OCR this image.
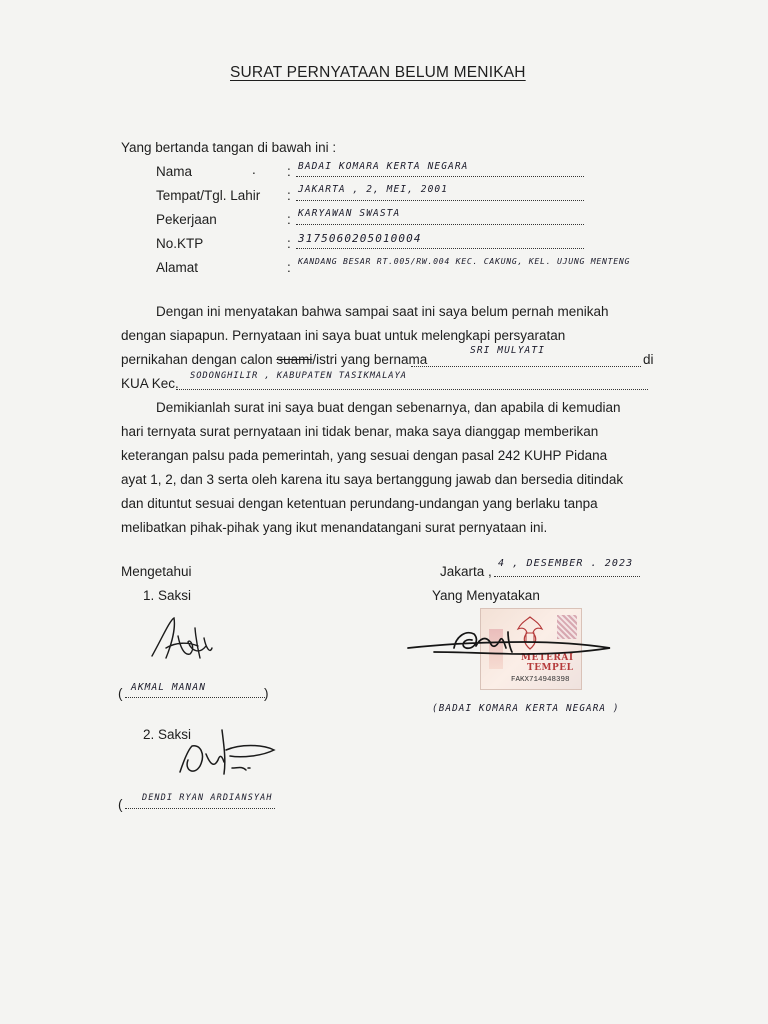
SURAT PERNYATAAN BELUM MENIKAH
Yang bertanda tangan di bawah ini :
Nama	. : BADAI KOMARA KERTA NEGARA
Tempat/Tgl. Lahir : JAKARTA , 2, MEI, 2001
Pekerjaan	: KARYAWAN SWASTA
No.KTP	: 3175060205010004
Alamat	: KANDANG BESAR RT.005/RW.004 KEC. CAKUNG, KEL. UJUNG MENTENG
Dengan ini menyatakan bahwa sampai saat ini saya belum pernah menikah
dengan siapapun. Pernyataan ini saya buat untuk melengkapi persyaratan
pernikahan dengan calon suami/istri yang bernama
SRI MULYATI
di
KUA Kec. SODONGHILIR , KABUPATEN TASIKMALAYA
Demikianlah surat ini saya buat dengan sebenarnya, dan apabila di kemudian
hari ternyata surat pernyataan ini tidak benar, maka saya dianggap memberikan
keterangan palsu pada pemerintah, yang sesuai dengan pasal 242 KUHP Pidana
ayat 1, 2, dan 3 serta oleh karena itu saya bertanggung jawab dan bersedia ditindak
dan dituntut sesuai dengan ketentuan perundang-undangan yang berlaku tanpa
melibatkan pihak-pihak yang ikut menandatangani surat pernyataan ini.
Mengetahui
1. Saksi
( AKMAL MANAN	)
2. Saksi
( DENDI RYAN ARDIANSYAH
Jakarta ,
4 , DESEMBER . 2023
Yang Menyatakan
METERAI
TEMPEL
FAKX714948398
(BADAI KOMARA KERTA NEGARA )
